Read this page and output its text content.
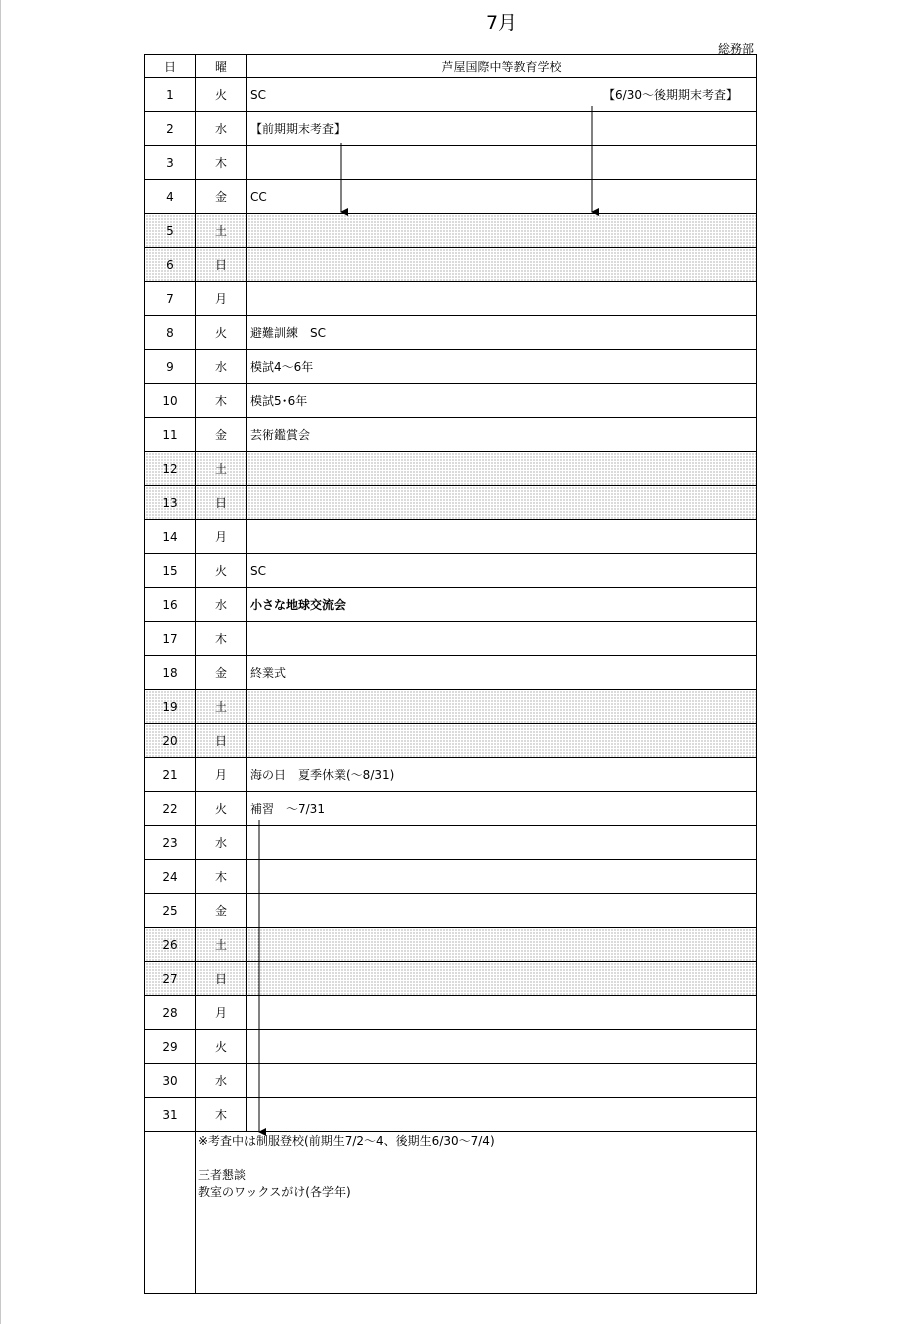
7月
総務部
日	曜	芦屋国際中等教育学校
1	火	SC 【6/30～後期期末考査】

2	水	【前期期末考査】
3	木	
4	金	CC
5	土	
6	日	
7	月	
8	火	避難訓練　SC
9	水	模試4～6年
10	木	模試5･6年
11	金	芸術鑑賞会
12	土	
13	日	
14	月	
15	火	SC
16	水	小さな地球交流会
17	木	
18	金	終業式
19	土	
20	日	
21	月	海の日　夏季休業(～8/31)
22	火	補習　～7/31
23	水	
24	木	
25	金	
26	土	
27	日	
28	月	
29	火	
30	水	
31	木	

	※考査中は制服登校(前期生7/2～4、後期生6/30～7/4)
三者懇談
教室のワックスがけ(各学年)	
